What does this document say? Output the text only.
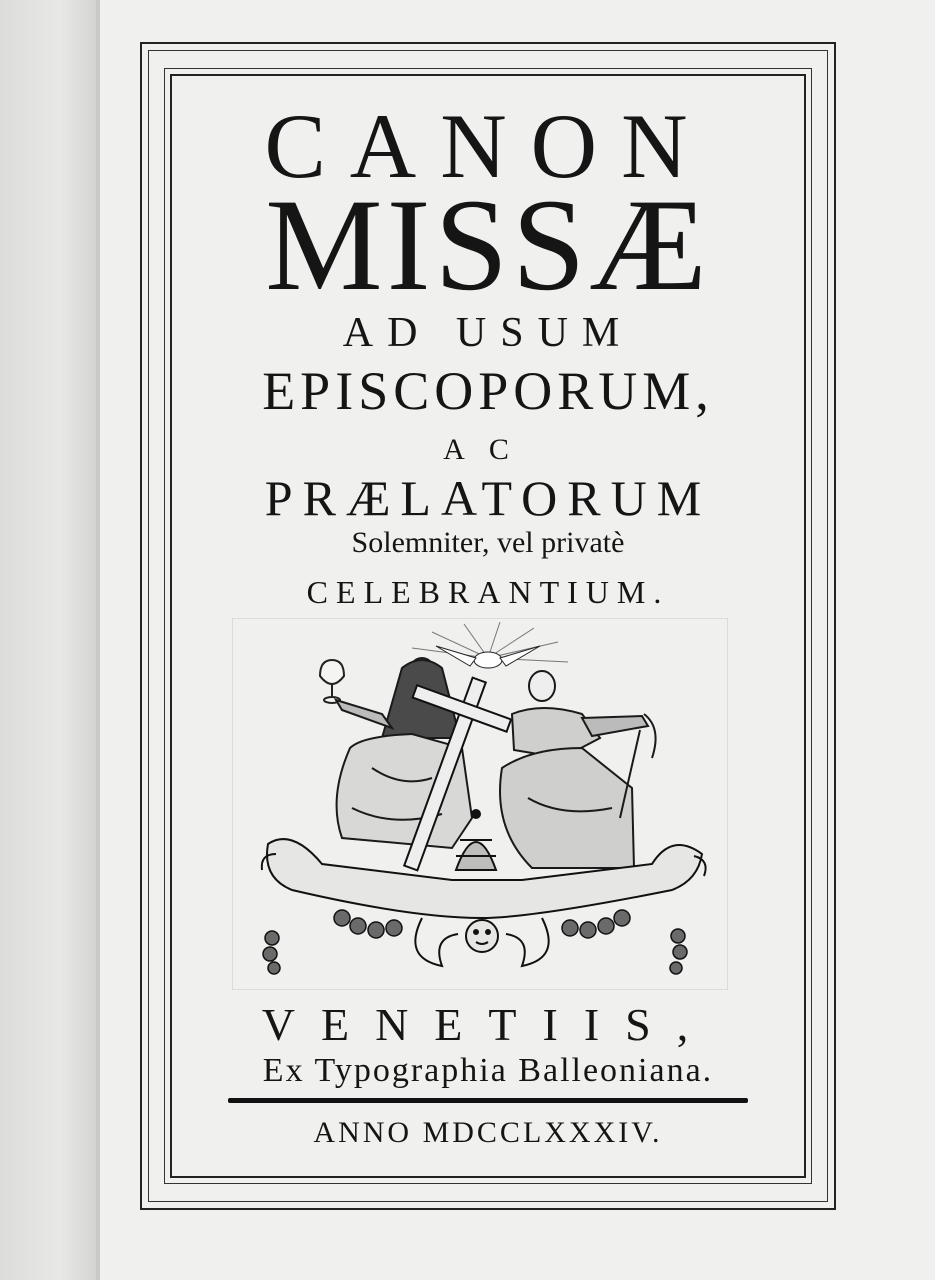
CANON
MISSÆ
AD USUM
EPISCOPORUM,
AC
PRÆLATORUM
Solemniter, vel privatè
CELEBRANTIUM.
VENETIIS,
Ex Typographia Balleoniana.
ANNO MDCCLXXXIV.
